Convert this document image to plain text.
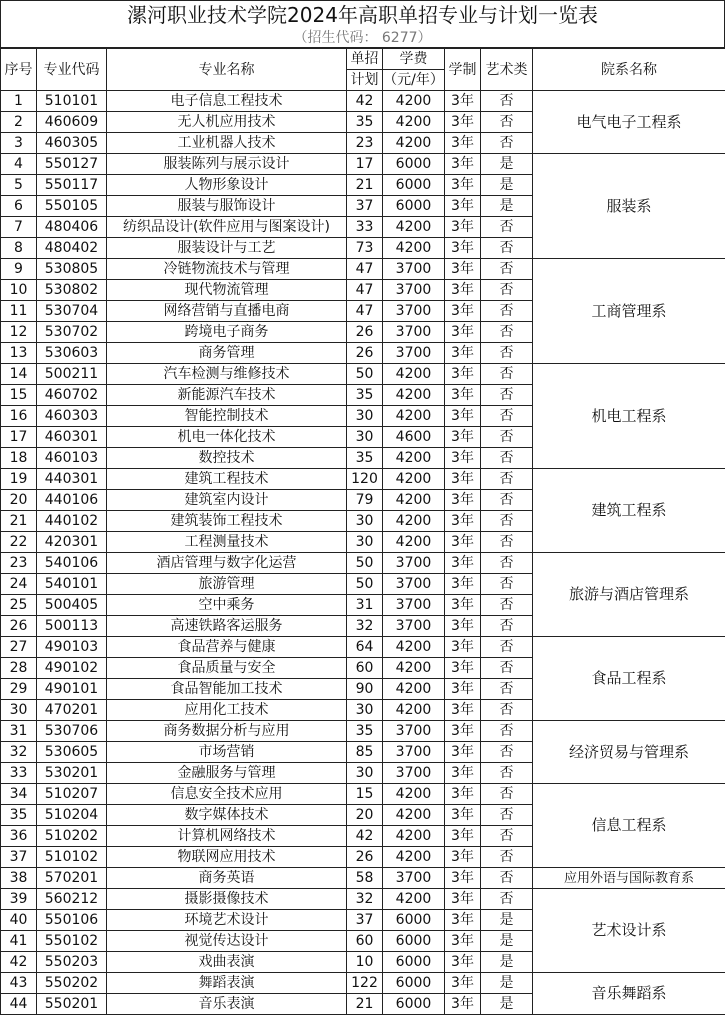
漯河职业技术学院2024年高职单招专业与计划一览表
（招生代码： 6277）
序号	专业代码	专业名称	单招	学费	学制	艺术类	院系名称
			计划	（元/年）			
1	510101	电子信息工程技术	42	4200	3年	否	电气电子工程系
2	460609	无人机应用技术	35	4200	3年	否	
3	460305	工业机器人技术	23	4200	3年	否	
4	550127	服装陈列与展示设计	17	6000	3年	是	服装系
5	550117	人物形象设计	21	6000	3年	是	
6	550105	服装与服饰设计	37	6000	3年	是	
7	480406	纺织品设计(软件应用与图案设计)	33	4200	3年	否	
8	480402	服装设计与工艺	73	4200	3年	否	
9	530805	冷链物流技术与管理	47	3700	3年	否	工商管理系
10	530802	现代物流管理	47	3700	3年	否	
11	530704	网络营销与直播电商	47	3700	3年	否	
12	530702	跨境电子商务	26	3700	3年	否	
13	530603	商务管理	26	3700	3年	否	
14	500211	汽车检测与维修技术	50	4200	3年	否	机电工程系
15	460702	新能源汽车技术	35	4200	3年	否	
16	460303	智能控制技术	30	4200	3年	否	
17	460301	机电一体化技术	30	4600	3年	否	
18	460103	数控技术	35	4200	3年	否	
19	440301	建筑工程技术	120	4200	3年	否	建筑工程系
20	440106	建筑室内设计	79	4200	3年	否	
21	440102	建筑装饰工程技术	30	4200	3年	否	
22	420301	工程测量技术	30	4200	3年	否	
23	540106	酒店管理与数字化运营	50	3700	3年	否	旅游与酒店管理系
24	540101	旅游管理	50	3700	3年	否	
25	500405	空中乘务	31	3700	3年	否	
26	500113	高速铁路客运服务	32	3700	3年	否	
27	490103	食品营养与健康	64	4200	3年	否	食品工程系
28	490102	食品质量与安全	60	4200	3年	否	
29	490101	食品智能加工技术	90	4200	3年	否	
30	470201	应用化工技术	30	4200	3年	否	
31	530706	商务数据分析与应用	35	3700	3年	否	经济贸易与管理系
32	530605	市场营销	85	3700	3年	否	
33	530201	金融服务与管理	30	3700	3年	否	
34	510207	信息安全技术应用	15	4200	3年	否	信息工程系
35	510204	数字媒体技术	20	4200	3年	否	
36	510202	计算机网络技术	42	4200	3年	否	
37	510102	物联网应用技术	26	4200	3年	否	
38	570201	商务英语	58	3700	3年	否	应用外语与国际教育系
39	560212	摄影摄像技术	32	4200	3年	否	艺术设计系
40	550106	环境艺术设计	37	6000	3年	是	
41	550102	视觉传达设计	60	6000	3年	是	
42	550203	戏曲表演	10	6000	3年	是	
43	550202	舞蹈表演	122	6000	3年	是	音乐舞蹈系
44	550201	音乐表演	21	6000	3年	是	
